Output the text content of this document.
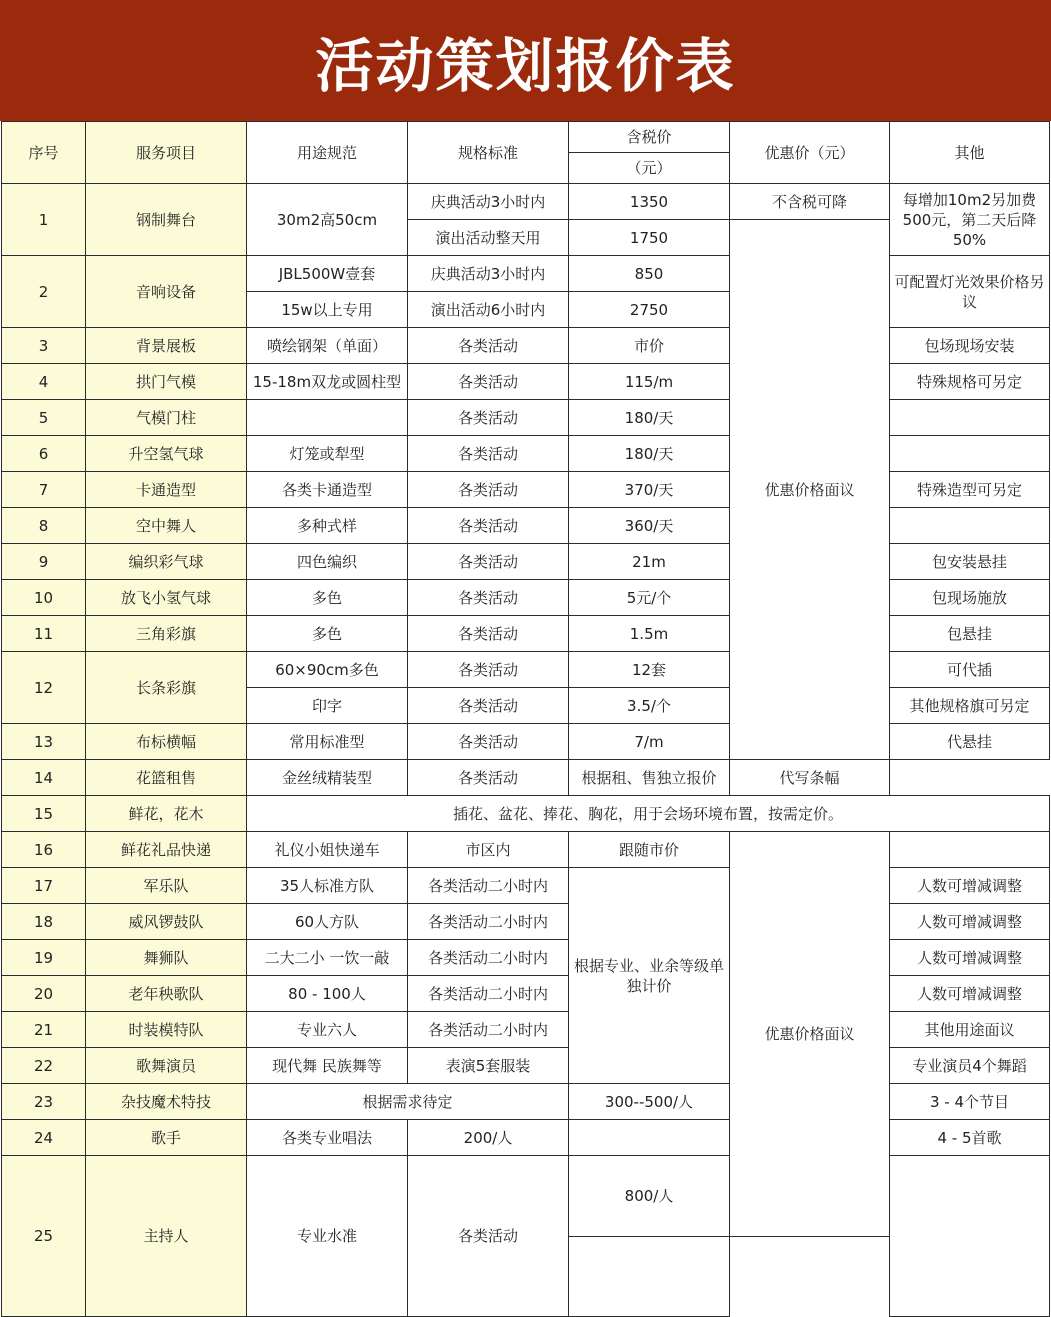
活动策划报价表
序号	服务项目	用途规范	规格标准	含税价	优惠价（元）	其他	
				（元）			
1	钢制舞台	30m2高50cm	庆典活动3小时内	1350	不含税可降	每增加10m2另加费500元，第二天后降50%	
			演出活动整天用	1750	优惠价格面议		
2	音响设备	JBL500W壹套	庆典活动3小时内	850		可配置灯光效果价格另议	
		15w以上专用	演出活动6小时内	2750			
3	背景展板	喷绘钢架（单面）	各类活动	市价		包场现场安装	
4	拱门气模	15-18m双龙或圆柱型	各类活动	115/m		特殊规格可另定	
5	气模门柱		各类活动	180/天			
6	升空氢气球	灯笼或犁型	各类活动	180/天			
7	卡通造型	各类卡通造型	各类活动	370/天		特殊造型可另定	
8	空中舞人	多种式样	各类活动	360/天			
9	编织彩气球	四色编织	各类活动	21m		包安装悬挂	
10	放飞小氢气球	多色	各类活动	5元/个		包现场施放	
11	三角彩旗	多色	各类活动	1.5m		包悬挂	
12	长条彩旗	60×90cm多色	各类活动	12套		可代插	
		印字	各类活动	3.5/个		其他规格旗可另定	
13	布标横幅	常用标准型	各类活动	7/m		代悬挂	
14	花篮租售	金丝绒精装型	各类活动	根据租、售独立报价	代写条幅		
15	鲜花，花木	插花、盆花、捧花、胸花，用于会场环境布置，按需定价。					
16	鲜花礼品快递	礼仪小姐快递车	市区内	跟随市价	优惠价格面议		
17	军乐队	35人标准方队	各类活动二小时内	根据专业、业余等级单独计价		人数可增减调整	
18	威风锣鼓队	60人方队	各类活动二小时内			人数可增减调整	
19	舞狮队	二大二小 一饮一敲	各类活动二小时内			人数可增减调整	
20	老年秧歌队	80 - 100人	各类活动二小时内			人数可增减调整	
21	时装模特队	专业六人	各类活动二小时内			其他用途面议	
22	歌舞演员	现代舞 民族舞等	表演5套服装			专业演员4个舞蹈	
23	杂技魔术特技	根据需求待定		300--500/人		3 - 4个节目	
24	歌手	各类专业唱法	200/人			4 - 5首歌	
25	主持人	专业水准	各类活动	800/人		
